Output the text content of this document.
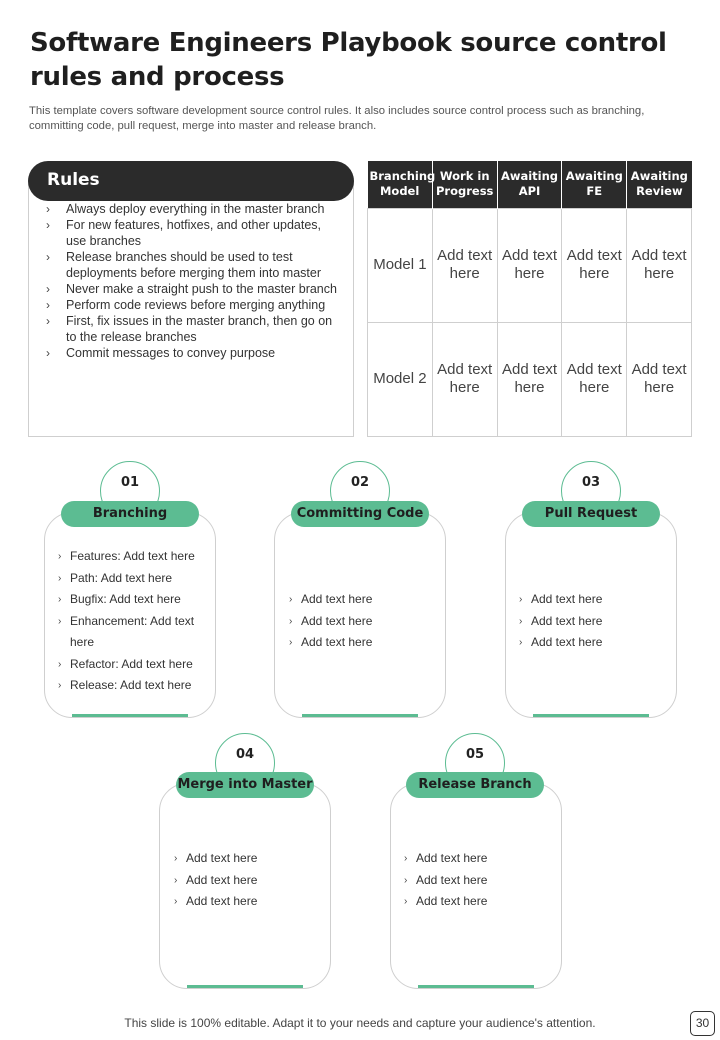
Software Engineers Playbook source control rules and process
This template covers software development source control rules. It also includes source control process such as branching, committing code, pull request, merge into master and release branch.
Rules
› Always deploy everything in the master branch
› For new features, hotfixes, and other updates, use branches
› Release branches should be used to test deployments before merging them into master
› Never make a straight push to the master branch
› Perform code reviews before merging anything
› First, fix issues in the master branch, then go on to the release branches
› Commit messages to convey purpose
Branching Model	Work in Progress	Awaiting API	Awaiting FE	Awaiting Review
Model 1	Add text here	Add text here	Add text here	Add text here
Model 2	Add text here	Add text here	Add text here	Add text here
01
Branching
› Features: Add text here
› Path: Add text here
› Bugfix: Add text here
› Enhancement: Add text here
› Refactor: Add text here
› Release: Add text here
02
Committing Code
› Add text here
› Add text here
› Add text here
03
Pull Request
› Add text here
› Add text here
› Add text here
04
Merge into Master
› Add text here
› Add text here
› Add text here
05
Release Branch
› Add text here
› Add text here
› Add text here
This slide is 100% editable. Adapt it to your needs and capture your audience's attention.	30
